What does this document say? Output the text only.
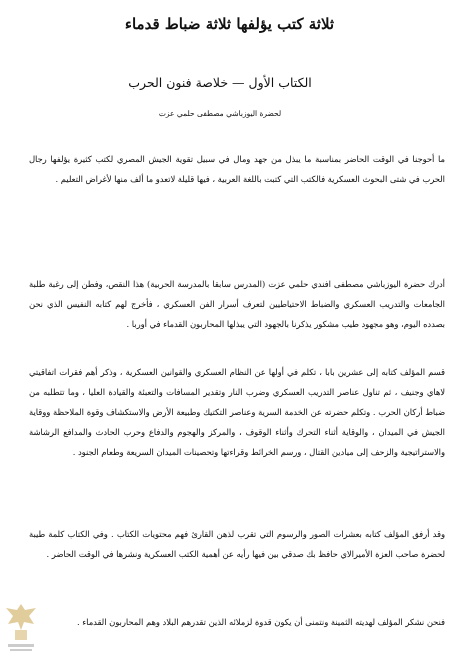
ثلاثة كتب يؤلفها ثلاثة ضباط قدماء
الكتاب الأول — خلاصة فنون الحرب
لحضرة اليوزباشي مصطفى حلمي عزت

ما أحوجنا في الوقت الحاضر بمناسبة ما يبذل من جهد ومال في سبيل تقوية الجيش المصري لكتب كثيرة يؤلفها رجال الحرب في شتى البحوث العسكرية فالكتب التي كتبت باللغة العربية ، فيها قليلة لاتعدو ما ألف منها لأغراض التعليم .

أدرك حضرة اليوزباشي مصطفى افندي حلمي عزت (المدرس سابقا بالمدرسة الحربية) هذا النقص، وفطن إلى رغبة طلبة الجامعات والتدريب العسكري والضباط الاحتياطيين لتعرف أسرار الفن العسكري ، فأخرج لهم كتابه النفيس الذي نحن بصدده اليوم، وهو مجهود طيب مشكور يذكرنا بالجهود التي يبذلها المحاربون القدماء في أوربا .

قسم المؤلف كتابه إلى عشرين بابا ، تكلم في أولها عن النظام العسكري والقوانين العسكرية ، وذكر أهم فقرات اتفاقيتي لاهاي وجنيف ، ثم تناول عناصر التدريب العسكري وضرب النار وتقدير المسافات والتعبئة والقيادة العليا ، وما تتطلبه من ضباط أركان الحرب . وتكلم حضرته عن الخدمة السرية وعناصر التكتيك وطبيعة الأرض والاستكشاف وقوة الملاحظة ووقاية الجيش في الميدان ، والوقاية أثناء التحرك وأثناء الوقوف ، والمركز والهجوم والدفاع وحرب الحادث والمدافع الرشاشة والاستراتيجية والزحف إلى ميادين القتال ، ورسم الخرائط وقراءتها وتحصينات الميدان السريعة وطعام الجنود .

وقد أرفق المؤلف كتابه بعشرات الصور والرسوم التي تقرب لذهن القارئ فهم محتويات الكتاب . وفي الكتاب كلمة طيبة لحضرة صاحب العزة الأميرالاي حافظ بك صدقي بين فيها رأيه عن أهمية الكتب العسكرية ونشرها في الوقت الحاضر .

فنحن نشكر المؤلف لهديته الثمينة ونتمنى أن يكون قدوة لزملائه الذين تقدرهم البلاد وهم المحاربون القدماء .
